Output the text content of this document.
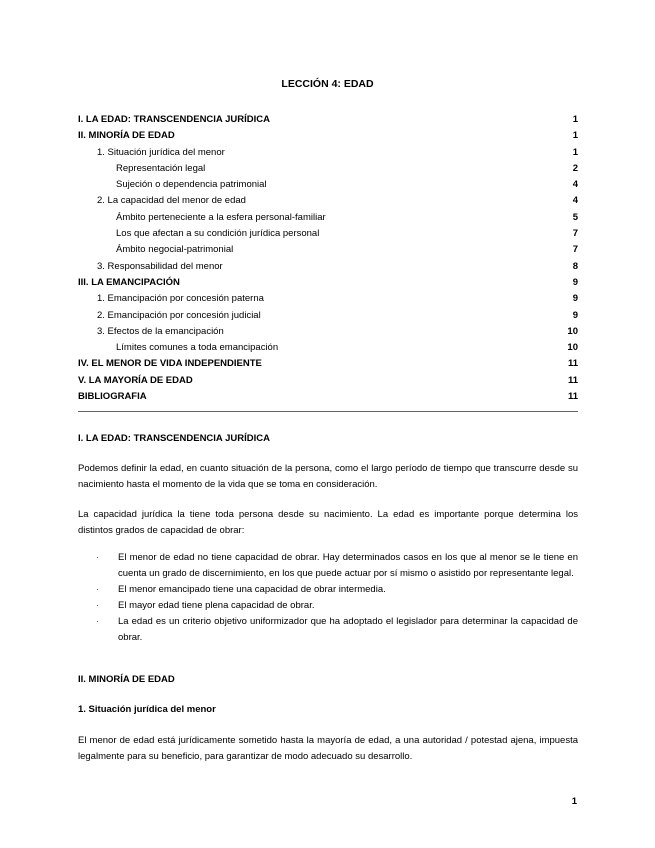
LECCIÓN 4: EDAD
I. LA EDAD: TRANSCENDENCIA JURÍDICA	1
II. MINORÍA DE EDAD	1
1. Situación jurídica del menor	1
Representación legal	2
Sujeción o dependencia patrimonial	4
2. La capacidad del menor de edad	4
Ámbito perteneciente a la esfera personal-familiar	5
Los que afectan a su condición jurídica personal	7
Ámbito negocial-patrimonial	7
3. Responsabilidad del menor	8
III. LA EMANCIPACIÓN	9
1. Emancipación por concesión paterna	9
2. Emancipación por concesión judicial	9
3. Efectos de la emancipación	10
Límites comunes a toda emancipación	10
IV. EL MENOR DE VIDA INDEPENDIENTE	11
V. LA MAYORÍA DE EDAD	11
BIBLIOGRAFIA	11
I. LA EDAD: TRANSCENDENCIA JURÍDICA
Podemos definir la edad, en cuanto situación de la persona, como el largo período de tiempo que transcurre desde su nacimiento hasta el momento de la vida que se toma en consideración.
La capacidad jurídica la tiene toda persona desde su nacimiento. La edad es importante porque determina los distintos grados de capacidad de obrar:
· El menor de edad no tiene capacidad de obrar. Hay determinados casos en los que al menor se le tiene en cuenta un grado de discernimiento, en los que puede actuar por sí mismo o asistido por representante legal.
· El menor emancipado tiene una capacidad de obrar intermedia.
· El mayor edad tiene plena capacidad de obrar.
· La edad es un criterio objetivo uniformizador que ha adoptado el legislador para determinar la capacidad de obrar.
II. MINORÍA DE EDAD
1. Situación jurídica del menor
El menor de edad está jurídicamente sometido hasta la mayoría de edad, a una autoridad / potestad ajena, impuesta legalmente para su beneficio, para garantizar de modo adecuado su desarrollo.
1
